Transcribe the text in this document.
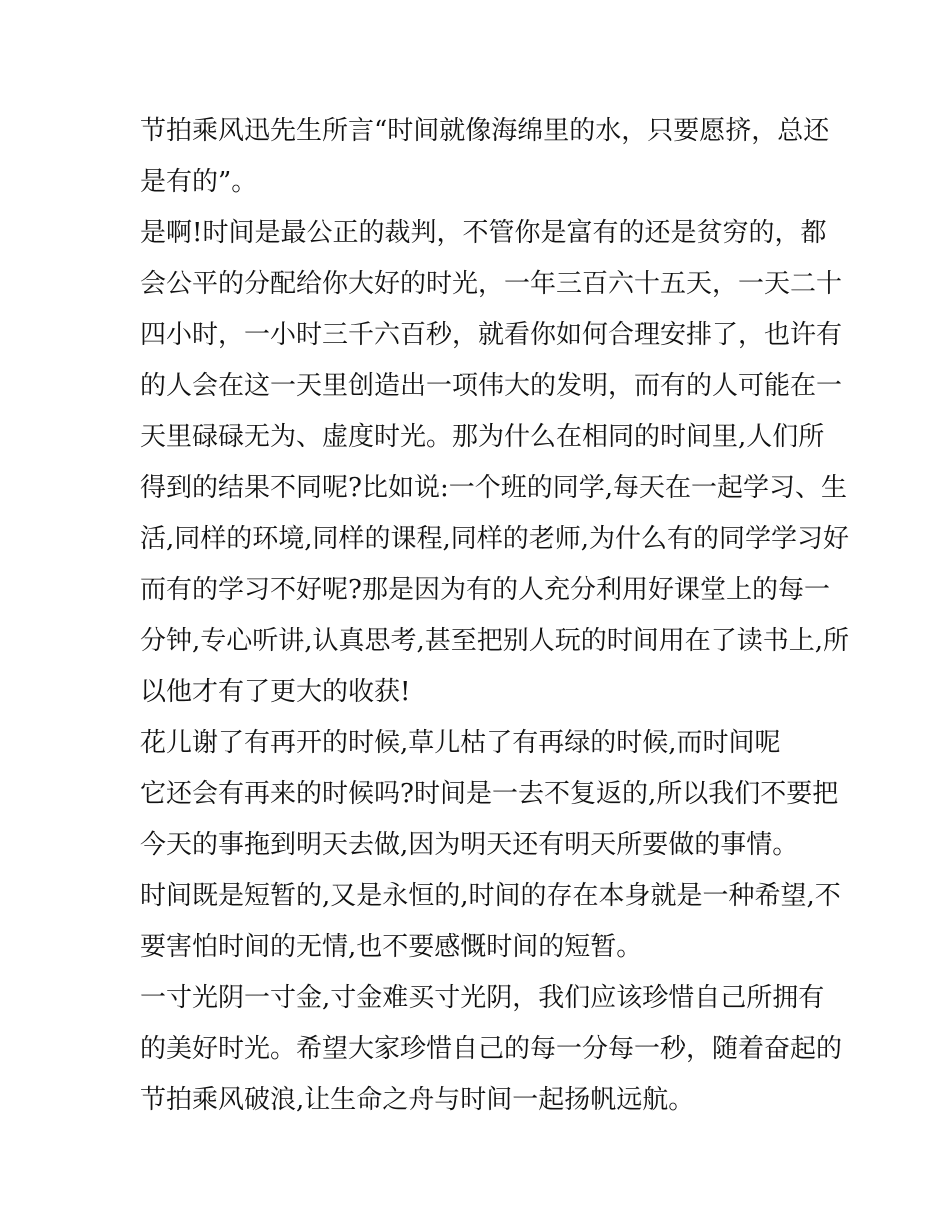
节拍乘风迅先生所言“时间就像海绵里的水，只要愿挤，总还
是有的”。
是啊!时间是最公正的裁判，不管你是富有的还是贫穷的，都
会公平的分配给你大好的时光，一年三百六十五天，一天二十
四小时，一小时三千六百秒，就看你如何合理安排了，也许有
的人会在这一天里创造出一项伟大的发明，而有的人可能在一
天里碌碌无为、虚度时光。那为什么在相同的时间里,人们所
得到的结果不同呢?比如说:一个班的同学,每天在一起学习、生
活,同样的环境,同样的课程,同样的老师,为什么有的同学学习好
而有的学习不好呢?那是因为有的人充分利用好课堂上的每一
分钟,专心听讲,认真思考,甚至把别人玩的时间用在了读书上,所
以他才有了更大的收获!
花儿谢了有再开的时候,草儿枯了有再绿的时候,而时间呢
它还会有再来的时候吗?时间是一去不复返的,所以我们不要把
今天的事拖到明天去做,因为明天还有明天所要做的事情。
时间既是短暂的,又是永恒的,时间的存在本身就是一种希望,不
要害怕时间的无情,也不要感慨时间的短暂。
一寸光阴一寸金,寸金难买寸光阴，我们应该珍惜自己所拥有
的美好时光。希望大家珍惜自己的每一分每一秒，随着奋起的
节拍乘风破浪,让生命之舟与时间一起扬帆远航。
